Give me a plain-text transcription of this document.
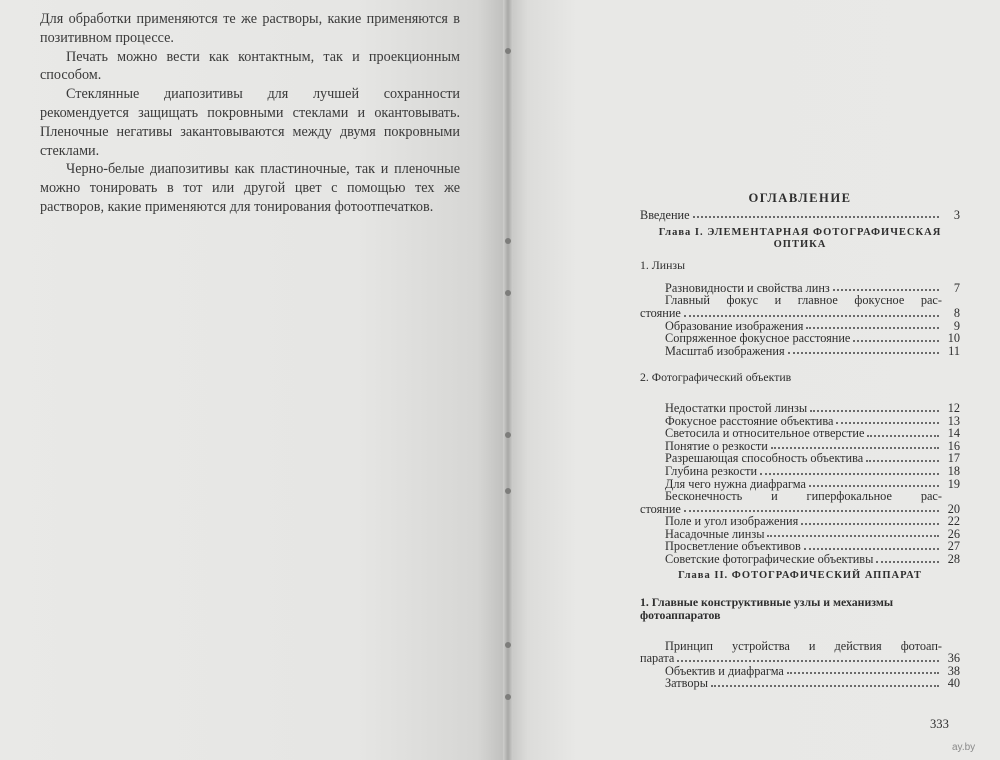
Для обработки применяются те же растворы, какие применяются в позитивном процессе.

Печать можно вести как контактным, так и проекционным способом.

Стеклянные диапозитивы для лучшей сохранности рекомендуется защищать покровными стеклами и окантовывать. Пленочные негативы закантовываются между двумя покровными стеклами.

Черно-белые диапозитивы как пластиночные, так и пленочные можно тонировать в тот или другой цвет с помощью тех же растворов, какие применяются для тонирования фотоотпечатков.

ОГЛАВЛЕНИЕ
Введение	3
Глава I. ЭЛЕМЕНТАРНАЯ ФОТОГРАФИЧЕСКАЯ ОПТИКА
1. Линзы
Разновидности и свойства линз	7
Главный фокус и главное фокусное рас-
стояние	8
Образование изображения	9
Сопряженное фокусное расстояние	10
Масштаб изображения	11
2. Фотографический объектив
Недостатки простой линзы	12
Фокусное расстояние объектива	13
Светосила и относительное отверстие	14
Понятие о резкости	16
Разрешающая способность объектива	17
Глубина резкости	18
Для чего нужна диафрагма	19
Бесконечность и гиперфокальное рас-
стояние	20
Поле и угол изображения	22
Насадочные линзы	26
Просветление объективов	27
Советские фотографические объективы	28
Глава II. ФОТОГРАФИЧЕСКИЙ АППАРАТ
1. Главные конструктивные узлы и механизмы фотоаппаратов
Принцип устройства и действия фотоап-
парата	36
Объектив и диафрагма	38
Затворы	40
333
ay.by
